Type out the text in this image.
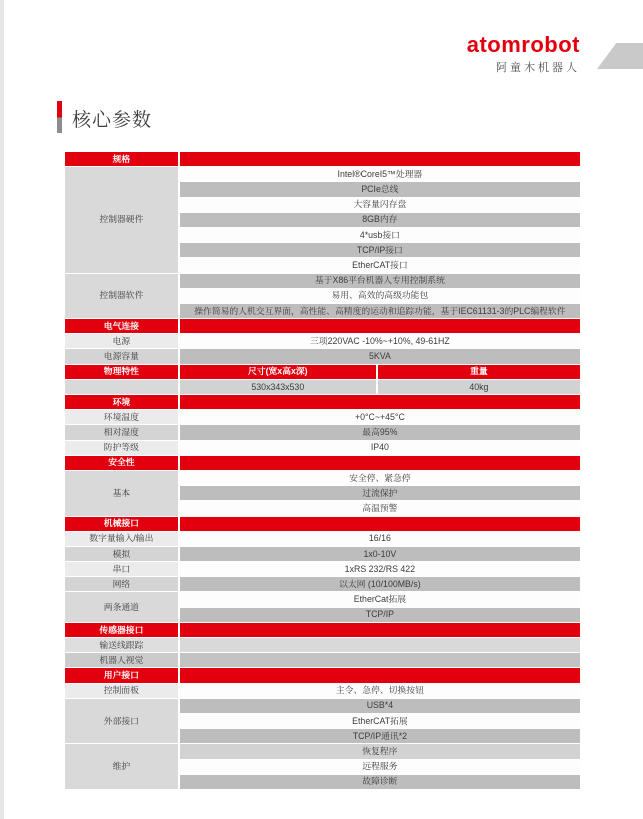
atomrobot
阿童木机器人
核心参数
规格		
控制器硬件	Intel®CoreI5™处理器	
	PCIe总线	
	大容量闪存盘	
	8GB内存	
	4*usb接口	
	TCP/IP接口	
	EtherCAT接口	
控制器软件	基于X86平台机器人专用控制系统	
	易用、高效的高级功能包	
	操作简易的人机交互界面，高性能、高精度的运动和追踪功能，基于IEC61131-3的PLC编程软件	
电气连接		
电源	三项220VAC -10%~+10%, 49-61HZ	
电源容量	5KVA	
物理特性	尺寸(宽x高x深)	重量
	530x343x530	40kg
环境		
环境温度	+0°C~+45°C	
相对湿度	最高95%	
防护等级	IP40	
安全性		
基本	安全停、紧急停	
	过流保护	
	高温预警	
机械接口		
数字量输入/输出	16/16	
模拟	1x0-10V	
串口	1xRS 232/RS 422	
网络	以太网 (10/100MB/s)	
两条通道	EtherCat拓展	
	TCP/IP	
传感器接口		
输送线跟踪		
机器人视觉		
用户接口		
控制面板	主令、急停、切换按钮	
外部接口	USB*4	
	EtherCAT拓展	
	TCP/IP通讯*2	
维护	恢复程序	
	远程服务	
	故障诊断	
